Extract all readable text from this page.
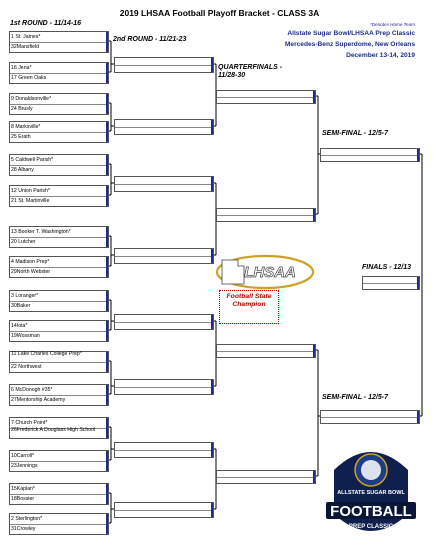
2019 LHSAA Football Playoff Bracket - CLASS 3A
1st ROUND - 11/14-16
2nd ROUND - 11/21-23
QUARTERFINALS -
11/28-30
SEMI-FINAL - 12/5-7
FINALS - 12/13
SEMI-FINAL - 12/5-7
*Denotes Home Team
Allstate Sugar Bowl/LHSAA Prep Classic
Mercedes-Benz Superdome, New Orleans
December 13-14, 2019
1 St. James*
32Mansfield
16 Jena*
17 Green Oaks
9 Donaldsonville*
24 Brusly
8 Marksville*
25 Erath
5 Caldwell Parish*
28 Albany
12 Union Parish*
21 St. Martinville
13 Booker T. Washington*
20 Lutcher
4 Madison Prep*
29North Webster
3 Loranger*
30Baker
14Iota*
19Wossman
11 Lake Charles College Prep*
22 Northwest
6 McDonogh #35*
27Mentorship Academy
7 Church Point*
26Frederick A Douglass High School
10Carroll*
23Jennings
15Kaplan*
18Bossier
2 Sterlington*
31Crowley
LHSAA
Football State Champion
ALLSTATE SUGAR BOWL
FOOTBALL
PREP CLASSIC
